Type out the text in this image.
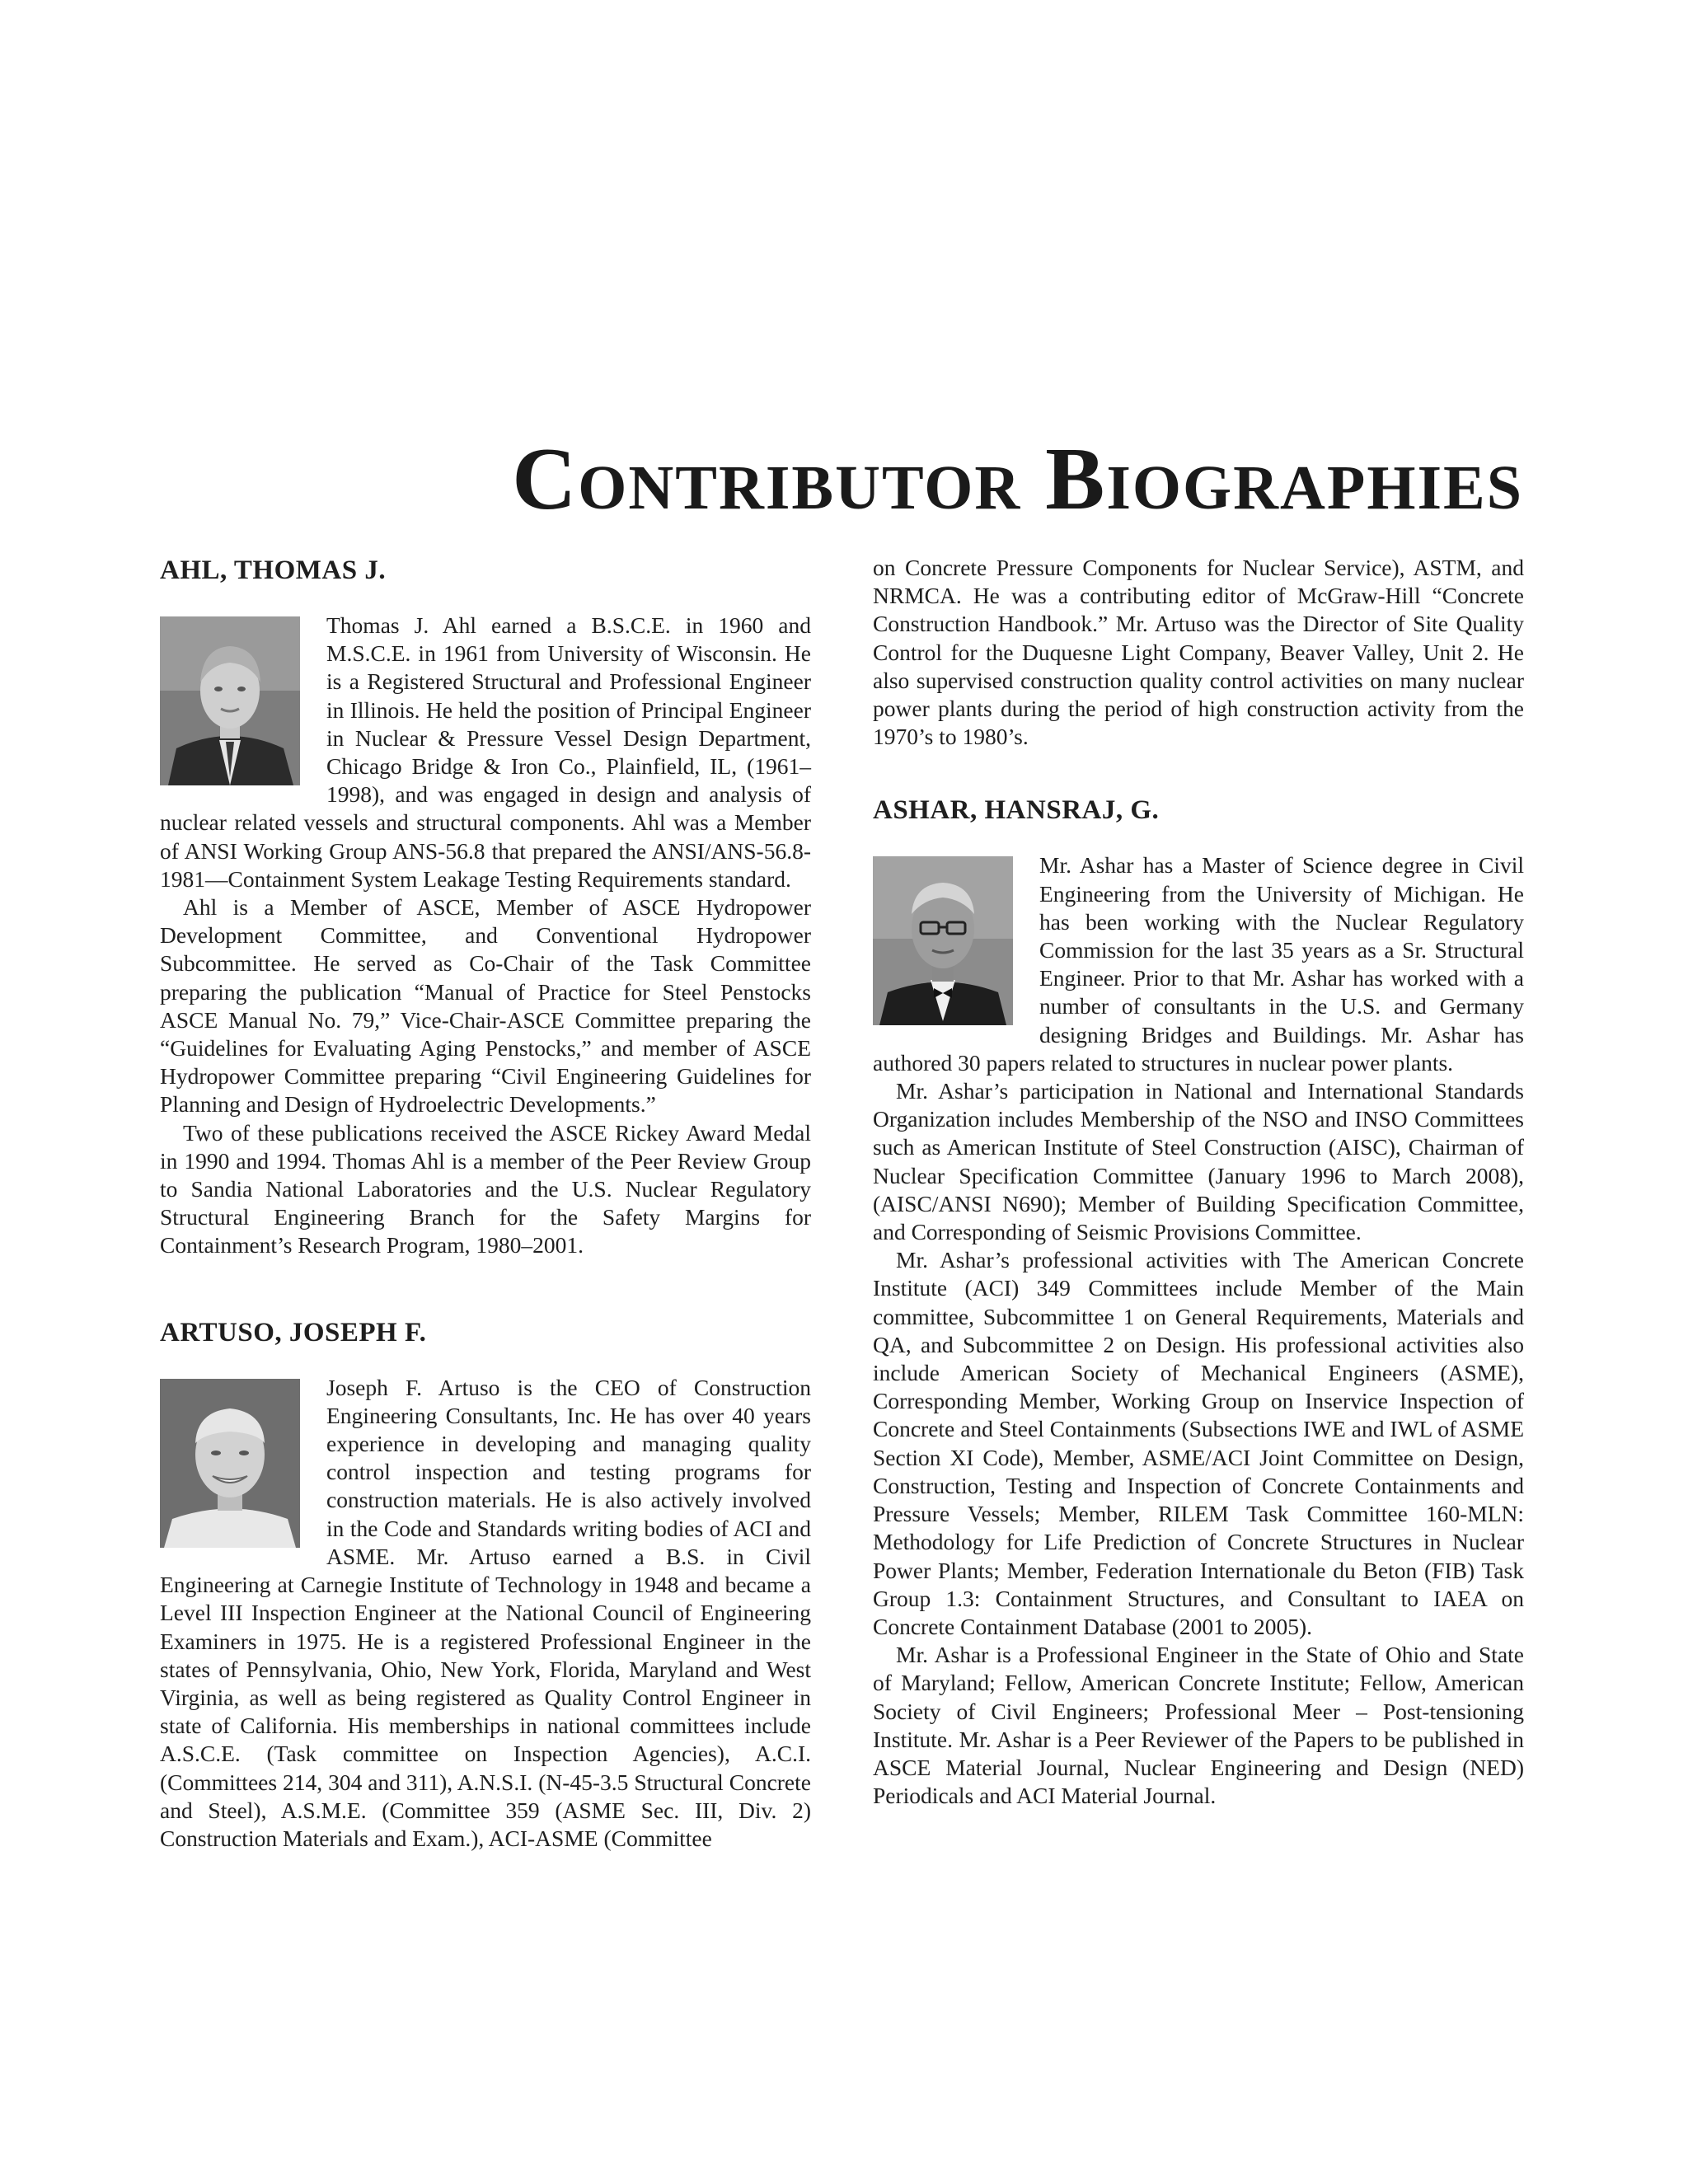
Contributor Biographies
AHL, THOMAS J.

Thomas J. Ahl earned a B.S.C.E. in 1960 and M.S.C.E. in 1961 from University of Wisconsin. He is a Registered Structural and Professional Engineer in Illinois. He held the position of Principal Engineer in Nuclear & Pressure Vessel Design Department, Chicago Bridge & Iron Co., Plainfield, IL, (1961–1998), and was engaged in design and analysis of nuclear related vessels and structural components. Ahl was a Member of ANSI Working Group ANS-56.8 that prepared the ANSI/ANS-56.8-1981—Containment System Leakage Testing Requirements standard.

Ahl is a Member of ASCE, Member of ASCE Hydropower Development Committee, and Conventional Hydropower Subcommittee. He served as Co-Chair of the Task Committee preparing the publication “Manual of Practice for Steel Penstocks ASCE Manual No. 79,” Vice-Chair-ASCE Committee preparing the “Guidelines for Evaluating Aging Penstocks,” and member of ASCE Hydropower Committee preparing “Civil Engineering Guidelines for Planning and Design of Hydroelectric Developments.”

Two of these publications received the ASCE Rickey Award Medal in 1990 and 1994. Thomas Ahl is a member of the Peer Review Group to Sandia National Laboratories and the U.S. Nuclear Regulatory Structural Engineering Branch for the Safety Margins for Containment’s Research Program, 1980–2001.

ARTUSO, JOSEPH F.

Joseph F. Artuso is the CEO of Construction Engineering Consultants, Inc. He has over 40 years experience in developing and managing quality control inspection and testing programs for construction materials. He is also actively involved in the Code and Standards writing bodies of ACI and ASME. Mr. Artuso earned a B.S. in Civil Engineering at Carnegie Institute of Technology in 1948 and became a Level III Inspection Engineer at the National Council of Engineering Examiners in 1975. He is a registered Professional Engineer in the states of Pennsylvania, Ohio, New York, Florida, Maryland and West Virginia, as well as being registered as Quality Control Engineer in state of California. His memberships in national committees include A.S.C.E. (Task committee on Inspection Agencies), A.C.I. (Committees 214, 304 and 311), A.N.S.I. (N-45-3.5 Structural Concrete and Steel), A.S.M.E. (Committee 359 (ASME Sec. III, Div. 2) Construction Materials and Exam.), ACI-ASME (Committee

on Concrete Pressure Components for Nuclear Service), ASTM, and NRMCA. He was a contributing editor of McGraw-Hill “Concrete Construction Handbook.” Mr. Artuso was the Director of Site Quality Control for the Duquesne Light Company, Beaver Valley, Unit 2. He also supervised construction quality control activities on many nuclear power plants during the period of high construction activity from the 1970’s to 1980’s.

ASHAR, HANSRAJ, G.

Mr. Ashar has a Master of Science degree in Civil Engineering from the University of Michigan. He has been working with the Nuclear Regulatory Commission for the last 35 years as a Sr. Structural Engineer. Prior to that Mr. Ashar has worked with a number of consultants in the U.S. and Germany designing Bridges and Buildings. Mr. Ashar has authored 30 papers related to structures in nuclear power plants.

Mr. Ashar’s participation in National and International Standards Organization includes Membership of the NSO and INSO Committees such as American Institute of Steel Construction (AISC), Chairman of Nuclear Specification Committee (January 1996 to March 2008), (AISC/ANSI N690); Member of Building Specification Committee, and Corresponding of Seismic Provisions Committee.

Mr. Ashar’s professional activities with The American Concrete Institute (ACI) 349 Committees include Member of the Main committee, Subcommittee 1 on General Requirements, Materials and QA, and Subcommittee 2 on Design. His professional activities also include American Society of Mechanical Engineers (ASME), Corresponding Member, Working Group on Inservice Inspection of Concrete and Steel Containments (Subsections IWE and IWL of ASME Section XI Code), Member, ASME/ACI Joint Committee on Design, Construction, Testing and Inspection of Concrete Containments and Pressure Vessels; Member, RILEM Task Committee 160-MLN: Methodology for Life Prediction of Concrete Structures in Nuclear Power Plants; Member, Federation Internationale du Beton (FIB) Task Group 1.3: Containment Structures, and Consultant to IAEA on Concrete Containment Database (2001 to 2005).

Mr. Ashar is a Professional Engineer in the State of Ohio and State of Maryland; Fellow, American Concrete Institute; Fellow, American Society of Civil Engineers; Professional Meer – Post-tensioning Institute. Mr. Ashar is a Peer Reviewer of the Papers to be published in ASCE Material Journal, Nuclear Engineering and Design (NED) Periodicals and ACI Material Journal.
